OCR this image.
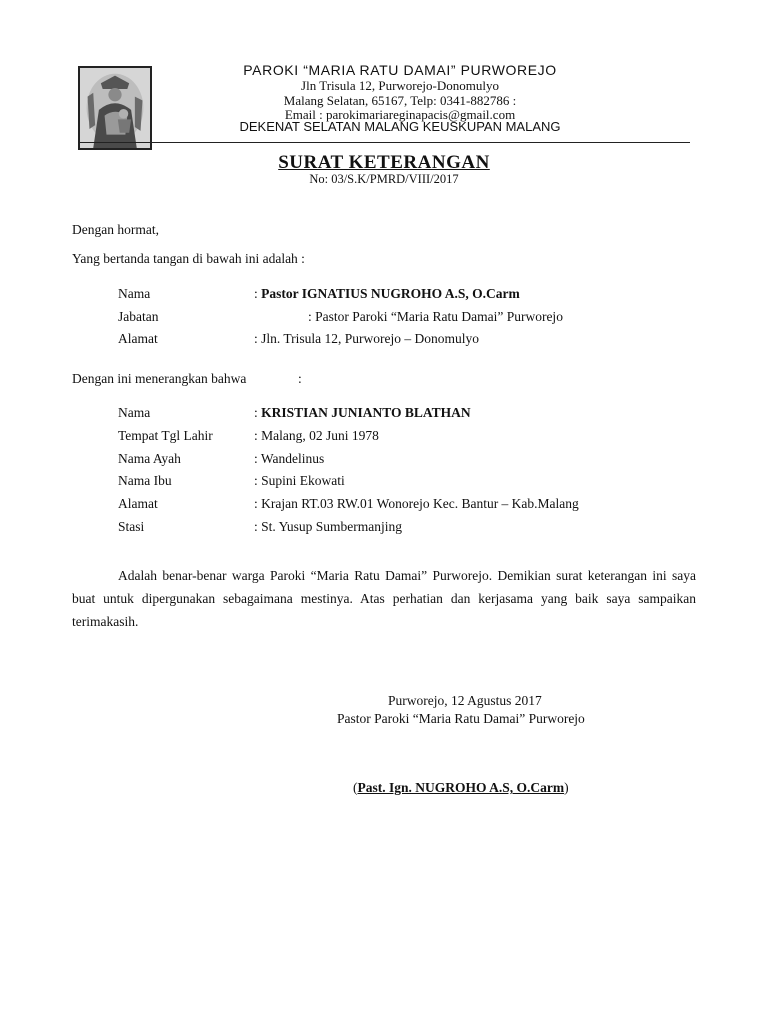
PAROKI “MARIA RATU DAMAI” PURWOREJO
Jln Trisula 12, Purworejo-Donomulyo
Malang Selatan, 65167, Telp: 0341-882786 :
Email : parokimariareginapacis@gmail.com
DEKENAT SELATAN MALANG KEUSKUPAN MALANG
SURAT KETERANGAN
No: 03/S.K/PMRD/VIII/2017
Dengan hormat,
Yang bertanda tangan di bawah ini adalah :
Nama	: Pastor IGNATIUS NUGROHO A.S, O.Carm
Jabatan	: Pastor Paroki “Maria Ratu Damai” Purworejo
Alamat	: Jln. Trisula 12, Purworejo – Donomulyo
Dengan ini menerangkan bahwa	:
Nama	: KRISTIAN JUNIANTO BLATHAN
Tempat Tgl Lahir	: Malang, 02 Juni 1978
Nama Ayah	: Wandelinus
Nama Ibu	: Supini Ekowati
Alamat	: Krajan RT.03 RW.01 Wonorejo Kec. Bantur – Kab.Malang
Stasi	: St. Yusup Sumbermanjing
Adalah benar-benar warga Paroki “Maria Ratu Damai” Purworejo. Demikian surat keterangan ini saya buat untuk dipergunakan sebagaimana mestinya. Atas perhatian dan kerjasama yang baik saya sampaikan terimakasih.
Purworejo, 12 Agustus 2017
Pastor Paroki “Maria Ratu Damai” Purworejo
(Past. Ign. NUGROHO A.S, O.Carm)
